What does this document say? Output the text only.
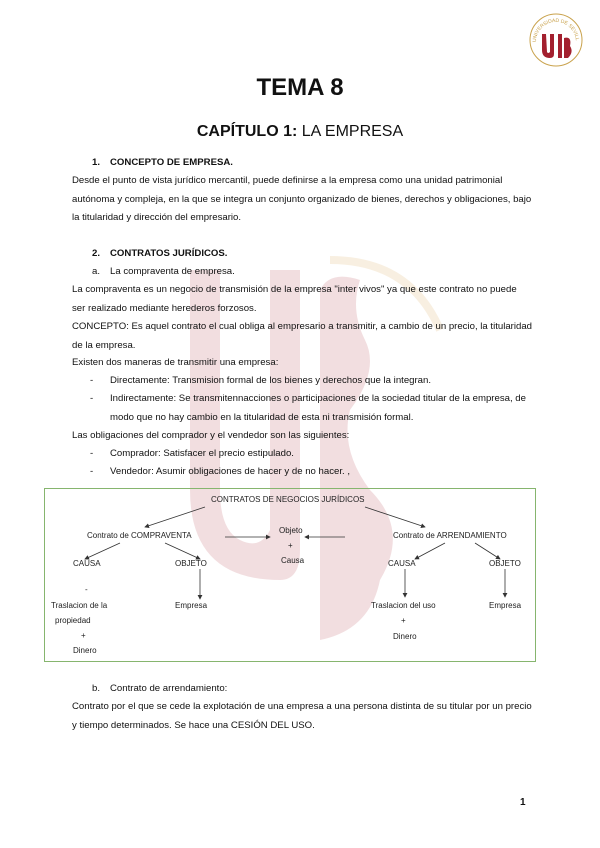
UNIVERSIDAD DE SEVILL
TEMA 8
CAPÍTULO 1: LA EMPRESA
1. CONCEPTO DE EMPRESA.
Desde el punto de vista jurídico mercantil, puede definirse a la empresa como una unidad patrimonial autónoma y compleja, en la que se integra un conjunto organizado de bienes, derechos y obligaciones, bajo la titularidad y dirección del empresario.
2. CONTRATOS JURÍDICOS.
a. La compraventa de empresa.
La compraventa es un negocio de transmisión de la empresa "inter vivos" ya que este contrato no puede ser realizado mediante herederos forzosos.
CONCEPTO: Es aquel contrato el cual obliga al empresario a transmitir, a cambio de un precio, la titularidad de la empresa.
Existen dos maneras de transmitir una empresa:
- Directamente: Transmision formal de los bienes y derechos que la integran.
- Indirectamente: Se transmitennacciones o participaciones de la sociedad titular de la empresa, de modo que no hay cambio en la titularidad de esta ni transmisión formal.
Las obligaciones del comprador y el vendedor son las siguientes:
- Comprador: Satisfacer el precio estipulado.
- Vendedor: Asumir obligaciones de hacer y de no hacer. ,
CONTRATOS DE NEGOCIOS JURÍDICOS
Contrato de COMPRAVENTA
Objeto
+
Causa
Contrato de ARRENDAMIENTO
CAUSA	OBJETO	CAUSA	OBJETO
-
Traslacion de la
propiedad
+
Dinero
Empresa	Traslacion del uso
+
Dinero
Empresa
b. Contrato de arrendamiento:
Contrato por el que se cede la explotación de una empresa a una persona distinta de su titular por un precio y tiempo determinados. Se hace una CESIÓN DEL USO.
1
